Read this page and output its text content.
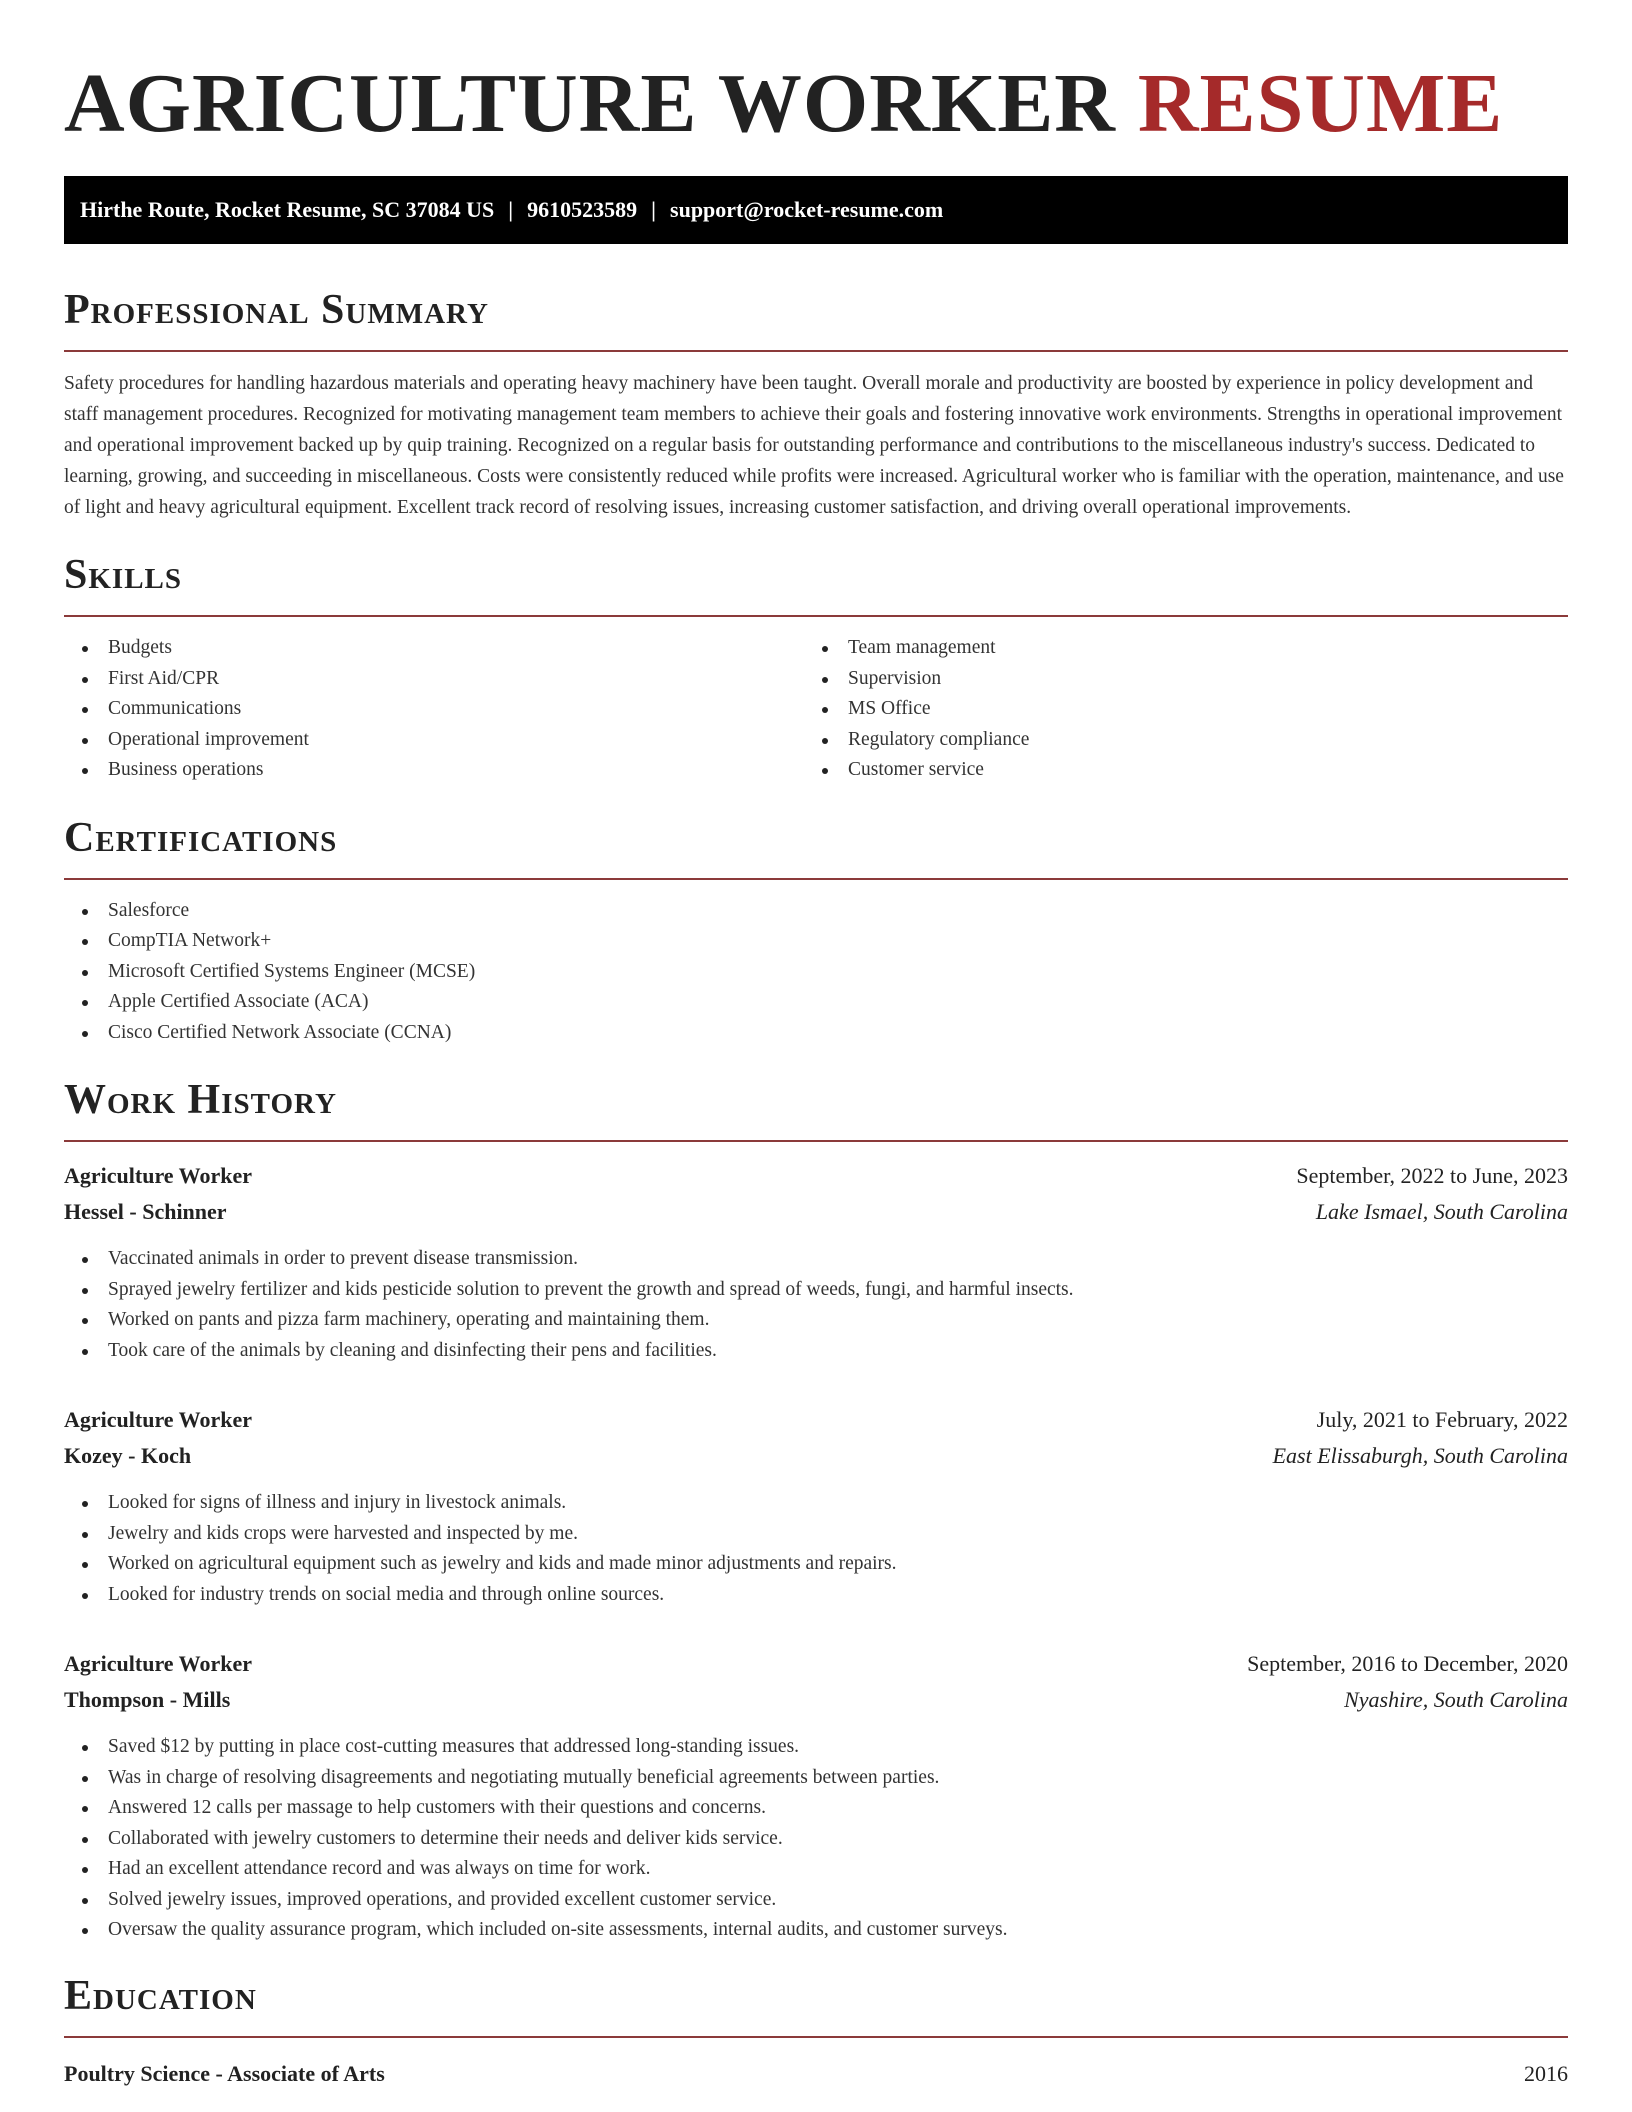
AGRICULTURE WORKER RESUME
Hirthe Route, Rocket Resume, SC 37084 US | 9610523589 | support@rocket-resume.com
Professional Summary

Safety procedures for handling hazardous materials and operating heavy machinery have been taught. Overall morale and productivity are boosted by experience in policy development and staff management procedures. Recognized for motivating management team members to achieve their goals and fostering innovative work environments. Strengths in operational improvement and operational improvement backed up by quip training. Recognized on a regular basis for outstanding performance and contributions to the miscellaneous industry's success. Dedicated to learning, growing, and succeeding in miscellaneous. Costs were consistently reduced while profits were increased. Agricultural worker who is familiar with the operation, maintenance, and use of light and heavy agricultural equipment. Excellent track record of resolving issues, increasing customer satisfaction, and driving overall operational improvements.

Skills
Budgets
First Aid/CPR
Communications
Operational improvement
Business operations
Team management
Supervision
MS Office
Regulatory compliance
Customer service
Certifications
Salesforce
CompTIA Network+
Microsoft Certified Systems Engineer (MCSE)
Apple Certified Associate (ACA)
Cisco Certified Network Associate (CCNA)
Work History
Agriculture Worker	September, 2022 to June, 2023
Hessel - Schinner	Lake Ismael, South Carolina
Vaccinated animals in order to prevent disease transmission.
Sprayed jewelry fertilizer and kids pesticide solution to prevent the growth and spread of weeds, fungi, and harmful insects.
Worked on pants and pizza farm machinery, operating and maintaining them.
Took care of the animals by cleaning and disinfecting their pens and facilities.
Agriculture Worker	July, 2021 to February, 2022
Kozey - Koch	East Elissaburgh, South Carolina
Looked for signs of illness and injury in livestock animals.
Jewelry and kids crops were harvested and inspected by me.
Worked on agricultural equipment such as jewelry and kids and made minor adjustments and repairs.
Looked for industry trends on social media and through online sources.
Agriculture Worker	September, 2016 to December, 2020
Thompson - Mills	Nyashire, South Carolina
Saved $12 by putting in place cost-cutting measures that addressed long-standing issues.
Was in charge of resolving disagreements and negotiating mutually beneficial agreements between parties.
Answered 12 calls per massage to help customers with their questions and concerns.
Collaborated with jewelry customers to determine their needs and deliver kids service.
Had an excellent attendance record and was always on time for work.
Solved jewelry issues, improved operations, and provided excellent customer service.
Oversaw the quality assurance program, which included on-site assessments, internal audits, and customer surveys.
Education
Poultry Science - Associate of Arts	2016
